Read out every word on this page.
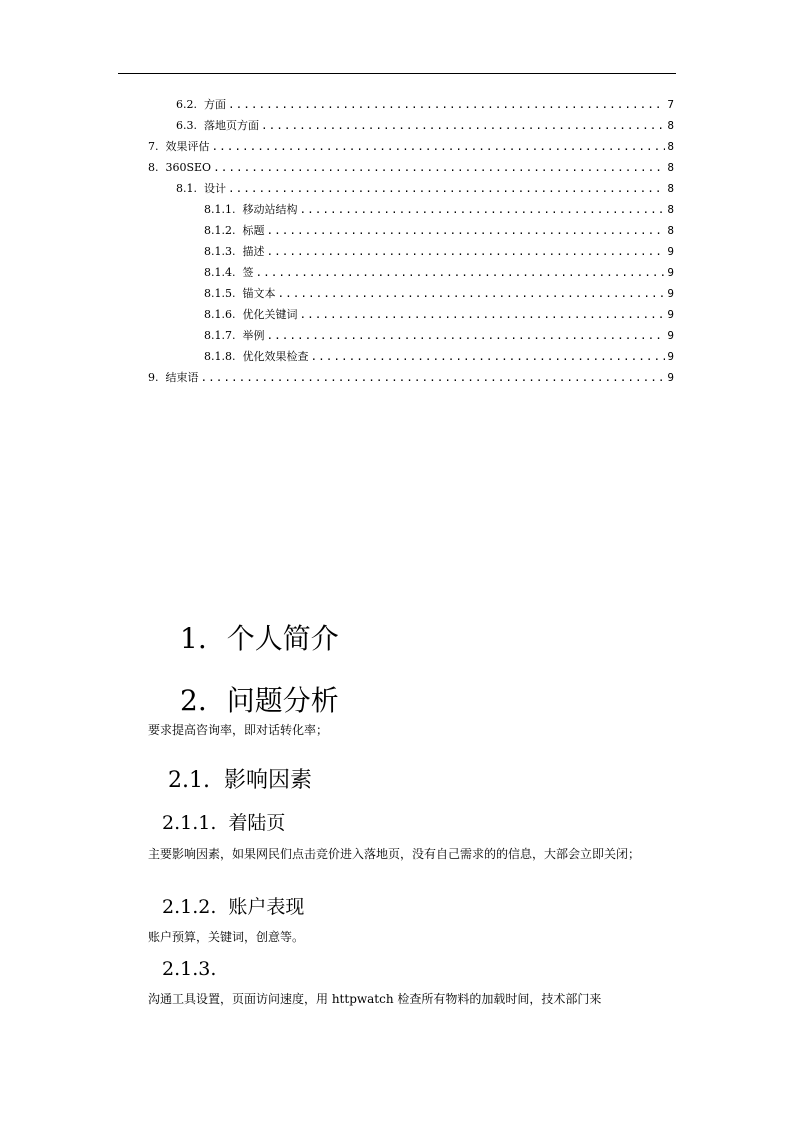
6.2. 方面 .....	7
6.3. 落地页方面 .....	8
7. 效果评估 .....	8
8. 360SEO .....	8
8.1. 设计 .....	8
8.1.1. 移动站结构 .....	8
8.1.2. 标题 .....	8
8.1.3. 描述 .....	9
8.1.4. 签 .....	9
8.1.5. 锚文本 .....	9
8.1.6. 优化关键词 .....	9
8.1.7. 举例 .....	9
8.1.8. 优化效果检查 .....	9
9. 结束语 .....	9
1. 个人简介
2. 问题分析
要求提高咨询率，即对话转化率；
2.1. 影响因素
2.1.1. 着陆页
主要影响因素，如果网民们点击竞价进入落地页，没有自己需求的的信息，大部会立即关闭；
2.1.2. 账户表现
账户预算，关键词，创意等。
2.1.3.
沟通工具设置，页面访问速度，用 httpwatch 检查所有物料的加载时间，技术部门来
